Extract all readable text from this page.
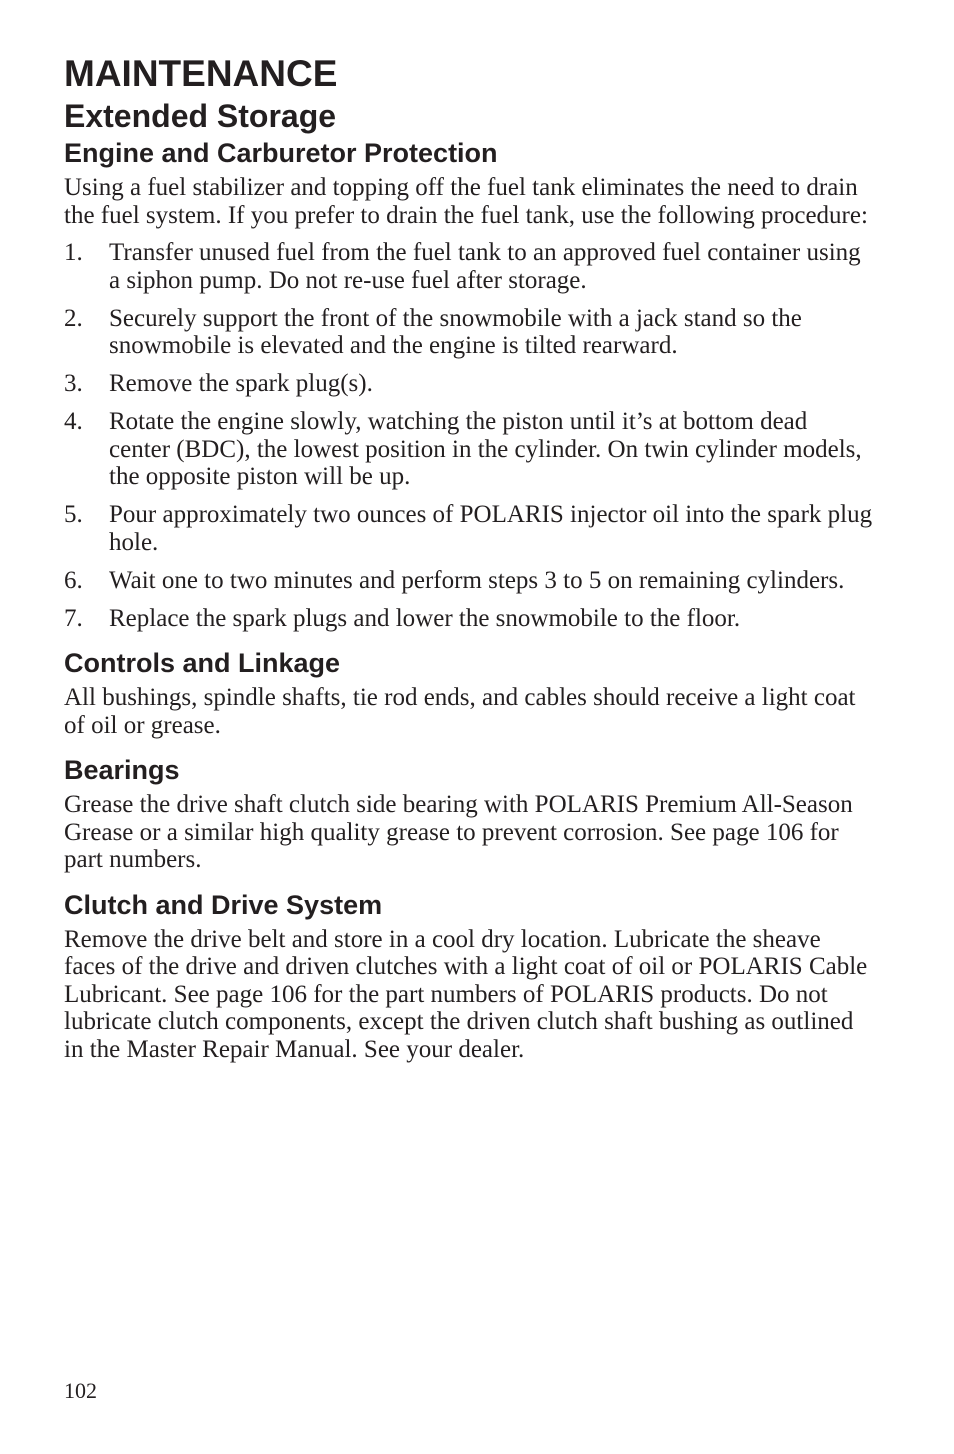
MAINTENANCE
Extended Storage
Engine and Carburetor Protection

Using a fuel stabilizer and topping off the fuel tank eliminates the need to drain the fuel system. If you prefer to drain the fuel tank, use the following procedure:

1. Transfer unused fuel from the fuel tank to an approved fuel container using a siphon pump. Do not re-use fuel after storage.
2. Securely support the front of the snowmobile with a jack stand so the snowmobile is elevated and the engine is tilted rearward.
3. Remove the spark plug(s).
4. Rotate the engine slowly, watching the piston until it’s at bottom dead center (BDC), the lowest position in the cylinder. On twin cylinder models, the opposite piston will be up.
5. Pour approximately two ounces of POLARIS injector oil into the spark plug hole.
6. Wait one to two minutes and perform steps 3 to 5 on remaining cylinders.
7. Replace the spark plugs and lower the snowmobile to the floor.
Controls and Linkage

All bushings, spindle shafts, tie rod ends, and cables should receive a light coat of oil or grease.

Bearings

Grease the drive shaft clutch side bearing with POLARIS Premium All-Season Grease or a similar high quality grease to prevent corrosion. See page 106 for part numbers.

Clutch and Drive System

Remove the drive belt and store in a cool dry location. Lubricate the sheave faces of the drive and driven clutches with a light coat of oil or POLARIS Cable Lubricant. See page 106 for the part numbers of POLARIS products. Do not lubricate clutch components, except the driven clutch shaft bushing as outlined in the Master Repair Manual. See your dealer.

102
